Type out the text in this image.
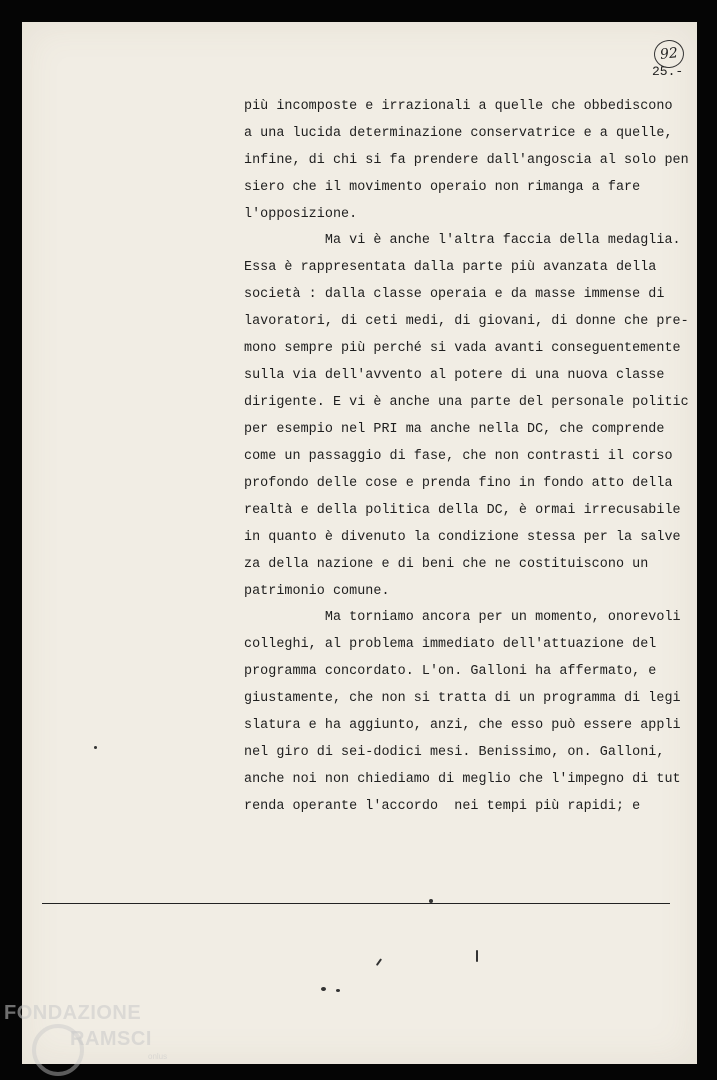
92
25.-
più incomposte e irrazionali a quelle che obbediscono
a una lucida determinazione conservatrice e a quelle,
infine, di chi si fa prendere dall'angoscia al solo pen
siero che il movimento operaio non rimanga a fare
l'opposizione.
Ma vi è anche l'altra faccia della medaglia.
Essa è rappresentata dalla parte più avanzata della
società : dalla classe operaia e da masse immense di
lavoratori, di ceti medi, di giovani, di donne che pre-
mono sempre più perché si vada avanti conseguentemente
sulla via dell'avvento al potere di una nuova classe
dirigente. E vi è anche una parte del personale politic
per esempio nel PRI ma anche nella DC, che comprende
come un passaggio di fase, che non contrasti il corso
profondo delle cose e prenda fino in fondo atto della
realtà e della politica della DC, è ormai irrecusabile
in quanto è divenuto la condizione stessa per la salve
za della nazione e di beni che ne costituiscono un
patrimonio comune.
Ma torniamo ancora per un momento, onorevoli
colleghi, al problema immediato dell'attuazione del
programma concordato. L'on. Galloni ha affermato, e
giustamente, che non si tratta di un programma di legi
slatura e ha aggiunto, anzi, che esso può essere appli
nel giro di sei-dodici mesi. Benissimo, on. Galloni,
anche noi non chiediamo di meglio che l'impegno di tut
renda operante l'accordo  nei tempi più rapidi; e
FONDAZIONE
RAMSCI
onlus
